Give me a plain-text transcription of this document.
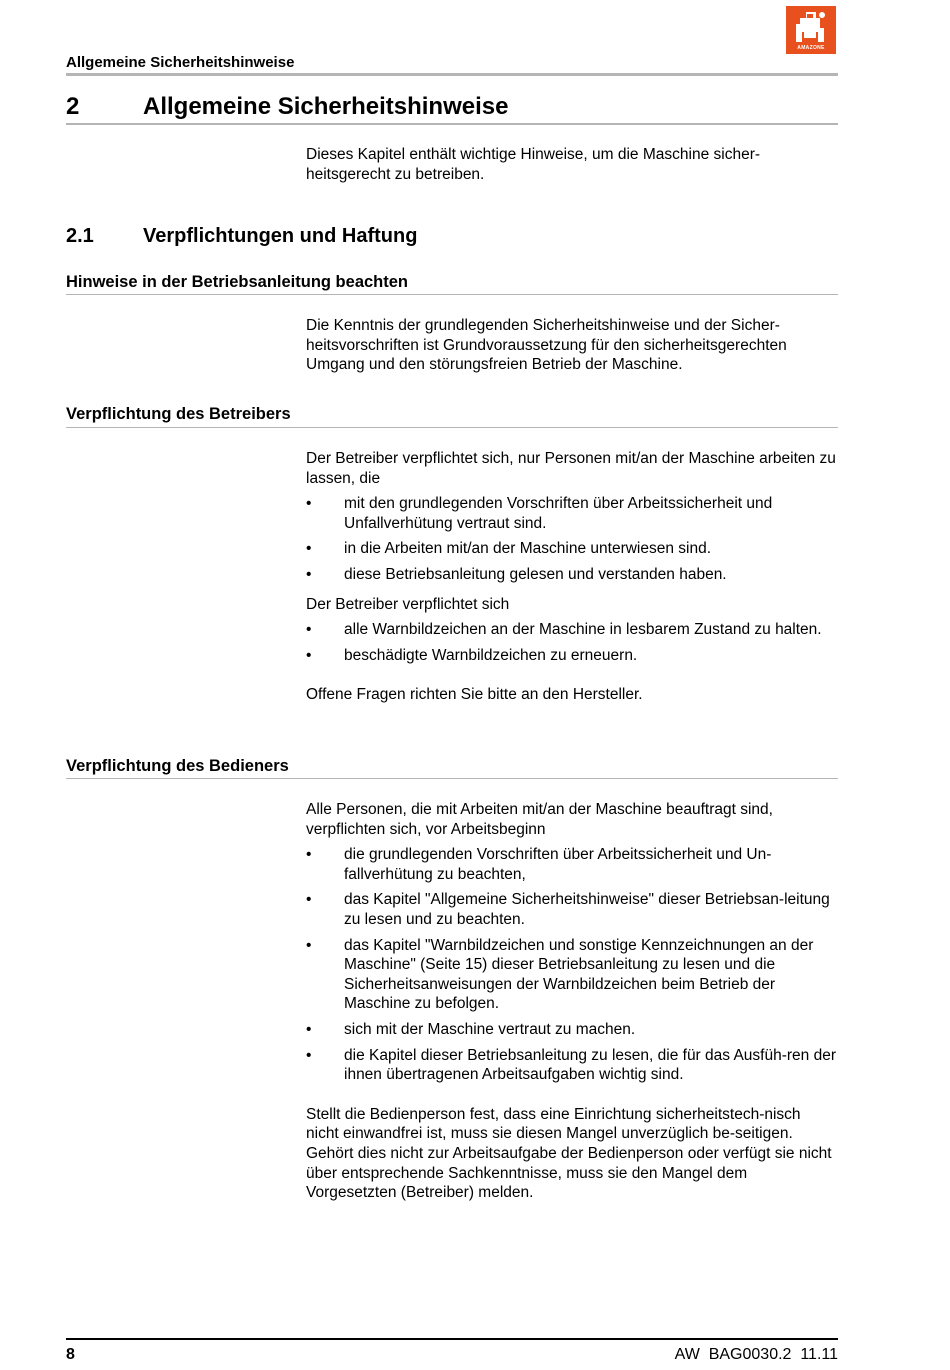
Allgemeine Sicherheitshinweise
AMAZONE
2	Allgemeine Sicherheitshinweise

Dieses Kapitel enthält wichtige Hinweise, um die Maschine sicher-heitsgerecht zu betreiben.

2.1 Verpflichtungen und Haftung
Hinweise in der Betriebsanleitung beachten

Die Kenntnis der grundlegenden Sicherheitshinweise und der Sicher-heitsvorschriften ist Grundvoraussetzung für den sicherheitsgerechten Umgang und den störungsfreien Betrieb der Maschine.

Verpflichtung des Betreibers

Der Betreiber verpflichtet sich, nur Personen mit/an der Maschine arbeiten zu lassen, die

• mit den grundlegenden Vorschriften über Arbeitssicherheit und Unfallverhütung vertraut sind.
• in die Arbeiten mit/an der Maschine unterwiesen sind.
• diese Betriebsanleitung gelesen und verstanden haben.

Der Betreiber verpflichtet sich

• alle Warnbildzeichen an der Maschine in lesbarem Zustand zu halten.
• beschädigte Warnbildzeichen zu erneuern.

Offene Fragen richten Sie bitte an den Hersteller.

Verpflichtung des Bedieners

Alle Personen, die mit Arbeiten mit/an der Maschine beauftragt sind, verpflichten sich, vor Arbeitsbeginn

• die grundlegenden Vorschriften über Arbeitssicherheit und Un-fallverhütung zu beachten,
• das Kapitel "Allgemeine Sicherheitshinweise" dieser Betriebsan-leitung zu lesen und zu beachten.
• das Kapitel "Warnbildzeichen und sonstige Kennzeichnungen an der Maschine" (Seite 15) dieser Betriebsanleitung zu lesen und die Sicherheitsanweisungen der Warnbildzeichen beim Betrieb der Maschine zu befolgen.
• sich mit der Maschine vertraut zu machen.
• die Kapitel dieser Betriebsanleitung zu lesen, die für das Ausfüh-ren der ihnen übertragenen Arbeitsaufgaben wichtig sind.

Stellt die Bedienperson fest, dass eine Einrichtung sicherheitstech-nisch nicht einwandfrei ist, muss sie diesen Mangel unverzüglich be-seitigen. Gehört dies nicht zur Arbeitsaufgabe der Bedienperson oder verfügt sie nicht über entsprechende Sachkenntnisse, muss sie den Mangel dem Vorgesetzten (Betreiber) melden.

8	AW  BAG0030.2  11.11
